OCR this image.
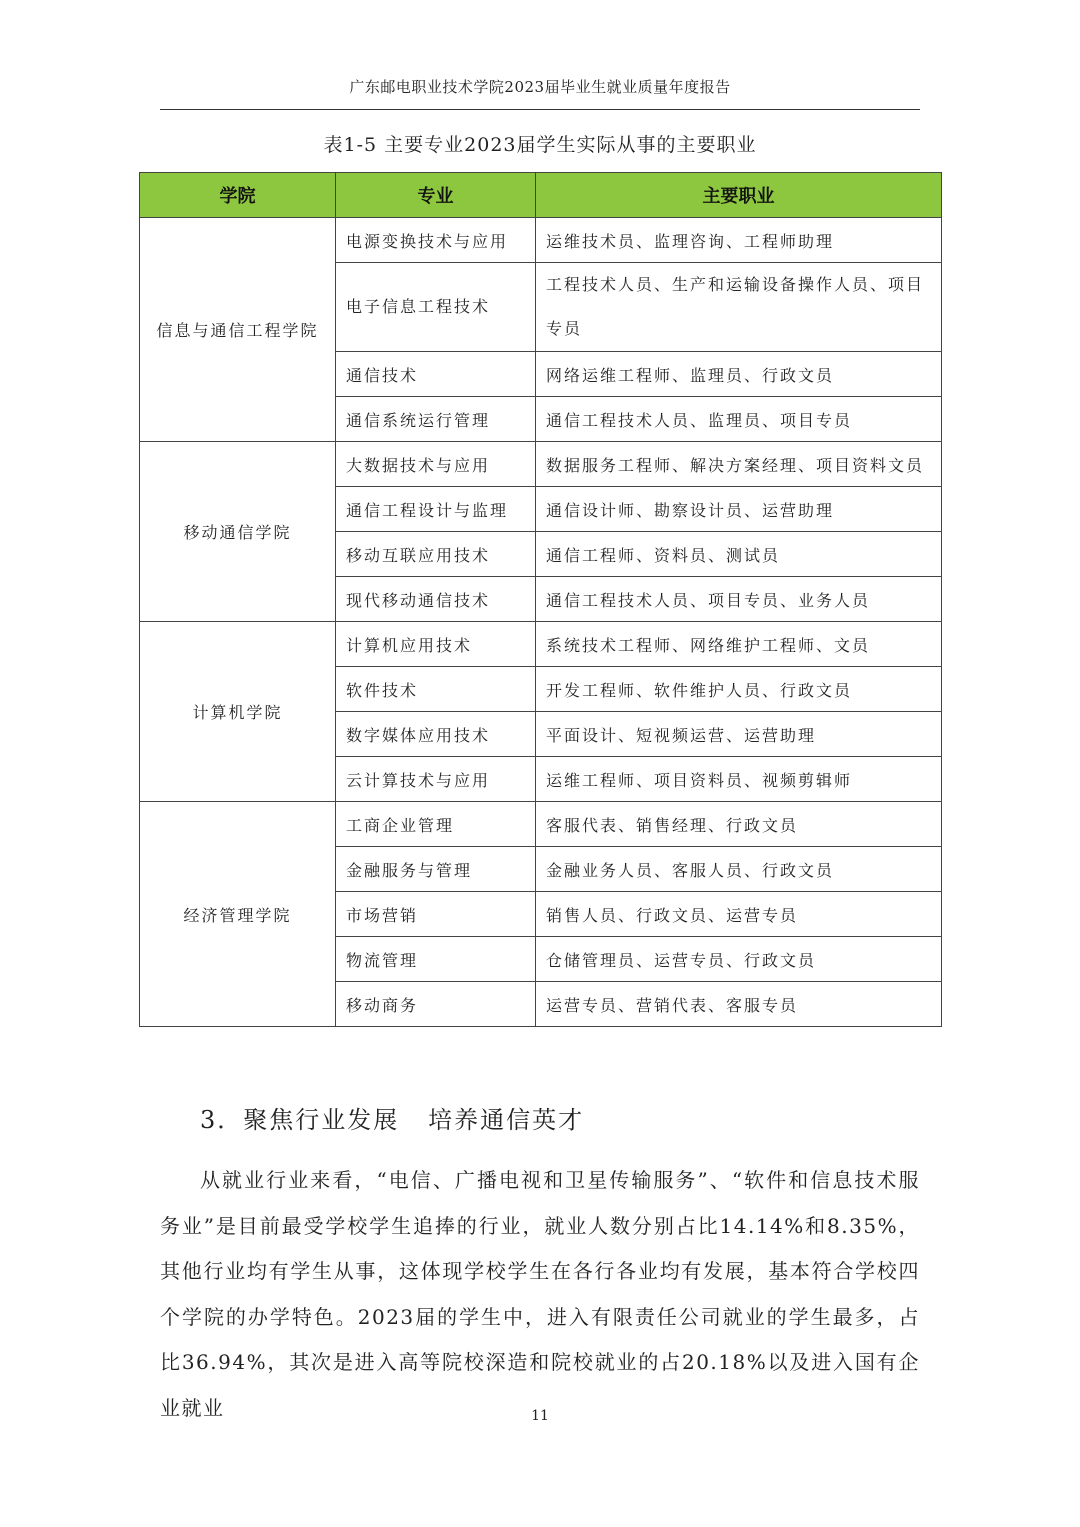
广东邮电职业技术学院2023届毕业生就业质量年度报告
表1-5 主要专业2023届学生实际从事的主要职业
学院	专业	主要职业
信息与通信工程学院	电源变换技术与应用	运维技术员、监理咨询、工程师助理
	电子信息工程技术	工程技术人员、生产和运输设备操作人员、项目专员
	通信技术	网络运维工程师、监理员、行政文员
	通信系统运行管理	通信工程技术人员、监理员、项目专员
移动通信学院	大数据技术与应用	数据服务工程师、解决方案经理、项目资料文员
	通信工程设计与监理	通信设计师、勘察设计员、运营助理
	移动互联应用技术	通信工程师、资料员、测试员
	现代移动通信技术	通信工程技术人员、项目专员、业务人员
计算机学院	计算机应用技术	系统技术工程师、网络维护工程师、文员
	软件技术	开发工程师、软件维护人员、行政文员
	数字媒体应用技术	平面设计、短视频运营、运营助理
	云计算技术与应用	运维工程师、项目资料员、视频剪辑师
经济管理学院	工商企业管理	客服代表、销售经理、行政文员
	金融服务与管理	金融业务人员、客服人员、行政文员
	市场营销	销售人员、行政文员、运营专员
	物流管理	仓储管理员、运营专员、行政文员
	移动商务	运营专员、营销代表、客服专员
3．聚焦行业发展   培养通信英才
从就业行业来看，“电信、广播电视和卫星传输服务”、“软件和信息技术服务业”是目前最受学校学生追捧的行业，就业人数分别占比14.14%和8.35%，其他行业均有学生从事，这体现学校学生在各行各业均有发展，基本符合学校四个学院的办学特色。2023届的学生中，进入有限责任公司就业的学生最多，占比36.94%，其次是进入高等院校深造和院校就业的占20.18%以及进入国有企业就业	11
